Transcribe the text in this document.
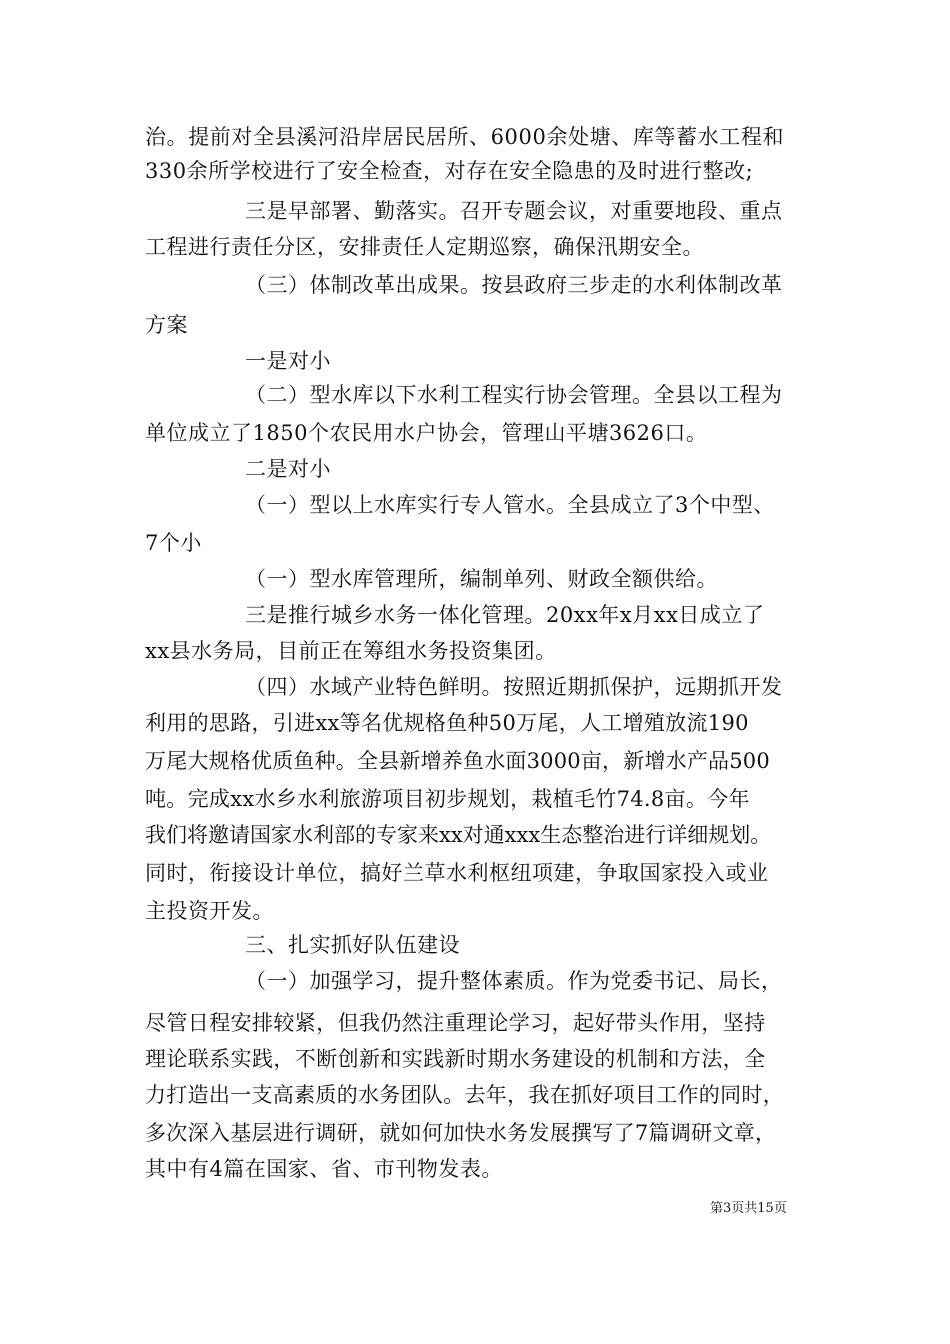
治。提前对全县溪河沿岸居民居所、6000余处塘、库等蓄水工程和
330余所学校进行了安全检查，对存在安全隐患的及时进行整改;
三是早部署、勤落实。召开专题会议，对重要地段、重点
工程进行责任分区，安排责任人定期巡察，确保汛期安全。
（三）体制改革出成果。按县政府三步走的水利体制改革
方案
一是对小
（二）型水库以下水利工程实行协会管理。全县以工程为
单位成立了1850个农民用水户协会，管理山平塘3626口。
二是对小
（一）型以上水库实行专人管水。全县成立了3个中型、
7个小
（一）型水库管理所，编制单列、财政全额供给。
三是推行城乡水务一体化管理。20xx年x月xx日成立了
xx县水务局，目前正在筹组水务投资集团。
（四）水域产业特色鲜明。按照近期抓保护，远期抓开发
利用的思路，引进xx等名优规格鱼种50万尾，人工增殖放流190
万尾大规格优质鱼种。全县新增养鱼水面3000亩，新增水产品500
吨。完成xx水乡水利旅游项目初步规划，栽植毛竹74.8亩。今年
我们将邀请国家水利部的专家来xx对通xxx生态整治进行详细规划。
同时，衔接设计单位，搞好兰草水利枢纽项建，争取国家投入或业
主投资开发。
三、扎实抓好队伍建设
（一）加强学习，提升整体素质。作为党委书记、局长，
尽管日程安排较紧，但我仍然注重理论学习，起好带头作用，坚持
理论联系实践，不断创新和实践新时期水务建设的机制和方法，全
力打造出一支高素质的水务团队。去年，我在抓好项目工作的同时，
多次深入基层进行调研，就如何加快水务发展撰写了7篇调研文章，
其中有4篇在国家、省、市刊物发表。
第3页共15页
